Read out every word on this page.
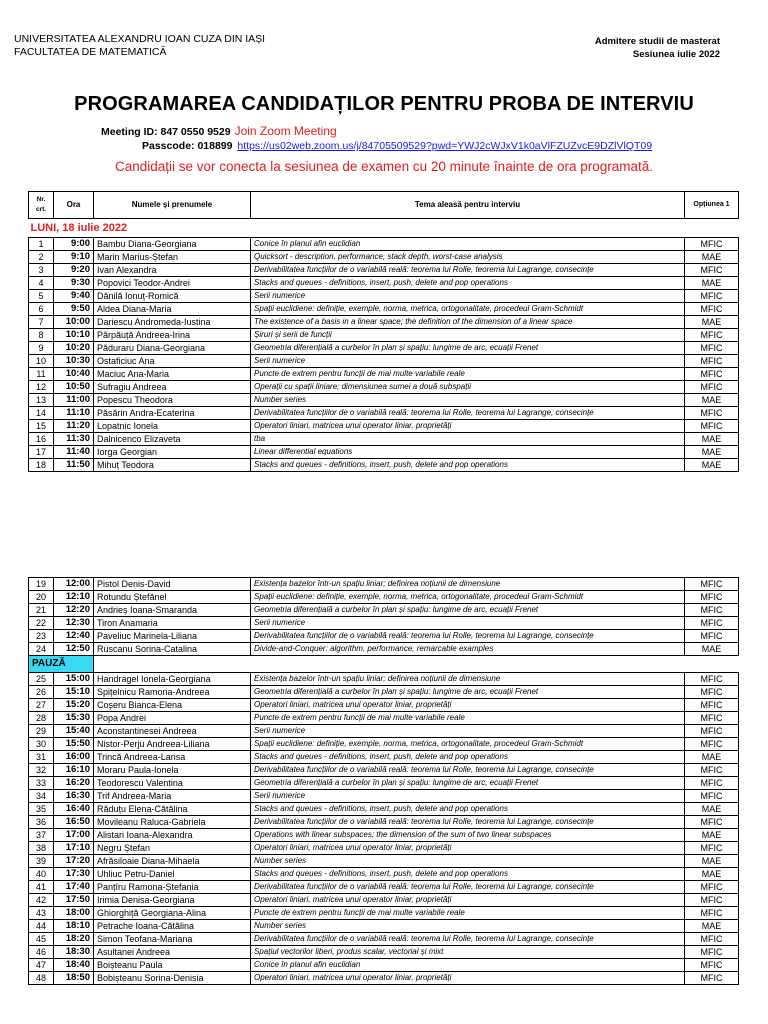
UNIVERSITATEA ALEXANDRU IOAN CUZA DIN IAȘI
FACULTATEA DE MATEMATICĂ
Admitere studii de masterat
Sesiunea iulie 2022
PROGRAMAREA CANDIDAȚILOR PENTRU PROBA DE INTERVIU
Meeting ID: 847 0550 9529 Join Zoom Meeting
Passcode: 018899 https://us02web.zoom.us/j/84705509529?pwd=YWJ2cWJxV1k0aVlFZUZvcE9DZlVlQT09
Candidații se vor conecta la sesiunea de examen cu 20 minute înainte de ora programată.
Nr. crt.	Ora	Numele și prenumele	Tema aleasă pentru interviu	Opțiunea 1
LUNI, 18 iulie 2022				
1	9:00	Bambu Diana-Georgiana	Conice în planul afin euclidian	MFIC
2	9:10	Marin Marius-Ștefan	Quicksort - description, performance, stack depth, worst-case analysis	MAE
3	9:20	Ivan Alexandra	Derivabilitatea funcțiilor de o variabilă reală: teorema lui Rolle, teorema lui Lagrange, consecințe	MFIC
4	9:30	Popovici Teodor-Andrei	Stacks and queues - definitions, insert, push, delete and pop operations	MAE
5	9:40	Dănilă Ionuț-Romică	Serii numerice	MFIC
6	9:50	Aldea Diana-Maria	Spații euclidiene: definiție, exemple, norma, metrica, ortogonalitate, procedeul Gram-Schmidt	MFIC
7	10:00	Dariescu Andromeda-Iustina	The existence of a basis in a linear space; the definition of the dimension of a linear space	MAE
8	10:10	Pârpăuță Andreea-Irina	Șiruri și serii de funcții	MFIC
9	10:20	Păduraru Diana-Georgiana	Geometria diferențială a curbelor în plan și spațiu: lungime de arc, ecuații Frenet	MFIC
10	10:30	Ostaficiuc Ana	Serii numerice	MFIC
11	10:40	Maciuc Ana-Maria	Puncte de extrem pentru funcții de mai multe variabile reale	MFIC
12	10:50	Sufragiu Andreea	Operații cu spații liniare; dimensiunea sumei a două subspații	MFIC
13	11:00	Popescu Theodora	Number series	MAE
14	11:10	Păsărin Andra-Ecaterina	Derivabilitatea funcțiilor de o variabilă reală: teorema lui Rolle, teorema lui Lagrange, consecințe	MFIC
15	11:20	Lopatnic Ionela	Operatori liniari, matricea unui operator liniar, proprietăți	MFIC
16	11:30	Dalnicenco Elizaveta	tba	MAE
17	11:40	Iorga Georgian	Linear differential equations	MAE
18	11:50	Mihuț Teodora	Stacks and queues - definitions, insert, push, delete and pop operations	MAE
19	12:00	Pistol Denis-David	Existența bazelor într-un spațiu liniar; definirea noțiunii de dimensiune	MFIC
20	12:10	Rotundu Ștefănel	Spații euclidiene: definiție, exemple, norma, metrica, ortogonalitate, procedeul Gram-Schmidt	MFIC
21	12:20	Andrieș Ioana-Smaranda	Geometria diferențială a curbelor în plan și spațiu: lungime de arc, ecuații Frenet	MFIC
22	12:30	Tiron Anamaria	Serii numerice	MFIC
23	12:40	Paveliuc Marinela-Liliana	Derivabilitatea funcțiilor de o variabilă reală: teorema lui Rolle, teorema lui Lagrange, consecințe	MFIC
24	12:50	Ruscanu Sorina-Catalina	Divide-and-Conquer: algorithm, performance, remarcable examples	MAE
PAUZĂ				
25	15:00	Handragel Ionela-Georgiana	Existența bazelor într-un spațiu liniar; definirea noțiunii de dimensiune	MFIC
26	15:10	Spițelnicu Ramona-Andreea	Geometria diferențială a curbelor în plan și spațiu: lungime de arc, ecuații Frenet	MFIC
27	15:20	Coșeru Bianca-Elena	Operatori liniari, matricea unui operator liniar, proprietăți	MFIC
28	15:30	Popa Andrei	Puncte de extrem pentru funcții de mai multe variabile reale	MFIC
29	15:40	Aconstantinesei Andreea	Serii numerice	MFIC
30	15:50	Nistor-Perju Andreea-Liliana	Spații euclidiene: definiție, exemple, norma, metrica, ortogonalitate, procedeul Gram-Schmidt	MFIC
31	16:00	Trincă Andreea-Larisa	Stacks and queues - definitions, insert, push, delete and pop operations	MAE
32	16:10	Moraru Paula-Ionela	Derivabilitatea funcțiilor de o variabilă reală: teorema lui Rolle, teorema lui Lagrange, consecințe	MFIC
33	16:20	Teodorescu Valentina	Geometria diferențială a curbelor în plan și spațiu: lungime de arc, ecuații Frenet	MFIC
34	16:30	Trif Andreea-Maria	Serii numerice	MFIC
35	16:40	Răduțu Elena-Cătălina	Stacks and queues - definitions, insert, push, delete and pop operations	MAE
36	16:50	Movileanu Raluca-Gabriela	Derivabilitatea funcțiilor de o variabilă reală: teorema lui Rolle, teorema lui Lagrange, consecințe	MFIC
37	17:00	Alistari Ioana-Alexandra	Operations with linear subspaces; the dimension of the sum of two linear subspaces	MAE
38	17:10	Negru Ștefan	Operatori liniari, matricea unui operator liniar, proprietăți	MFIC
39	17:20	Afrăsiloaie Diana-Mihaela	Number series	MAE
40	17:30	Uhliuc Petru-Daniel	Stacks and queues - definitions, insert, push, delete and pop operations	MAE
41	17:40	Panțîru Ramona-Ștefania	Derivabilitatea funcțiilor de o variabilă reală: teorema lui Rolle, teorema lui Lagrange, consecințe	MFIC
42	17:50	Irimia Denisa-Georgiana	Operatori liniari, matricea unui operator liniar, proprietăți	MFIC
43	18:00	Ghiorghiță Georgiana-Alina	Puncte de extrem pentru funcții de mai multe variabile reale	MFIC
44	18:10	Petrache Ioana-Cătălina	Number series	MAE
45	18:20	Simon Teofana-Mariana	Derivabilitatea funcțiilor de o variabilă reală: teorema lui Rolle, teorema lui Lagrange, consecințe	MFIC
46	18:30	Asultanei Andreea	Spațiul vectorilor liberi, produs scalar, vectorial și mixt	MFIC
47	18:40	Boișteanu Paula	Conice în planul afin euclidian	MFIC
48	18:50	Bobișteanu Sorina-Denisia	Operatori liniari, matricea unui operator liniar, proprietăți	MFIC
